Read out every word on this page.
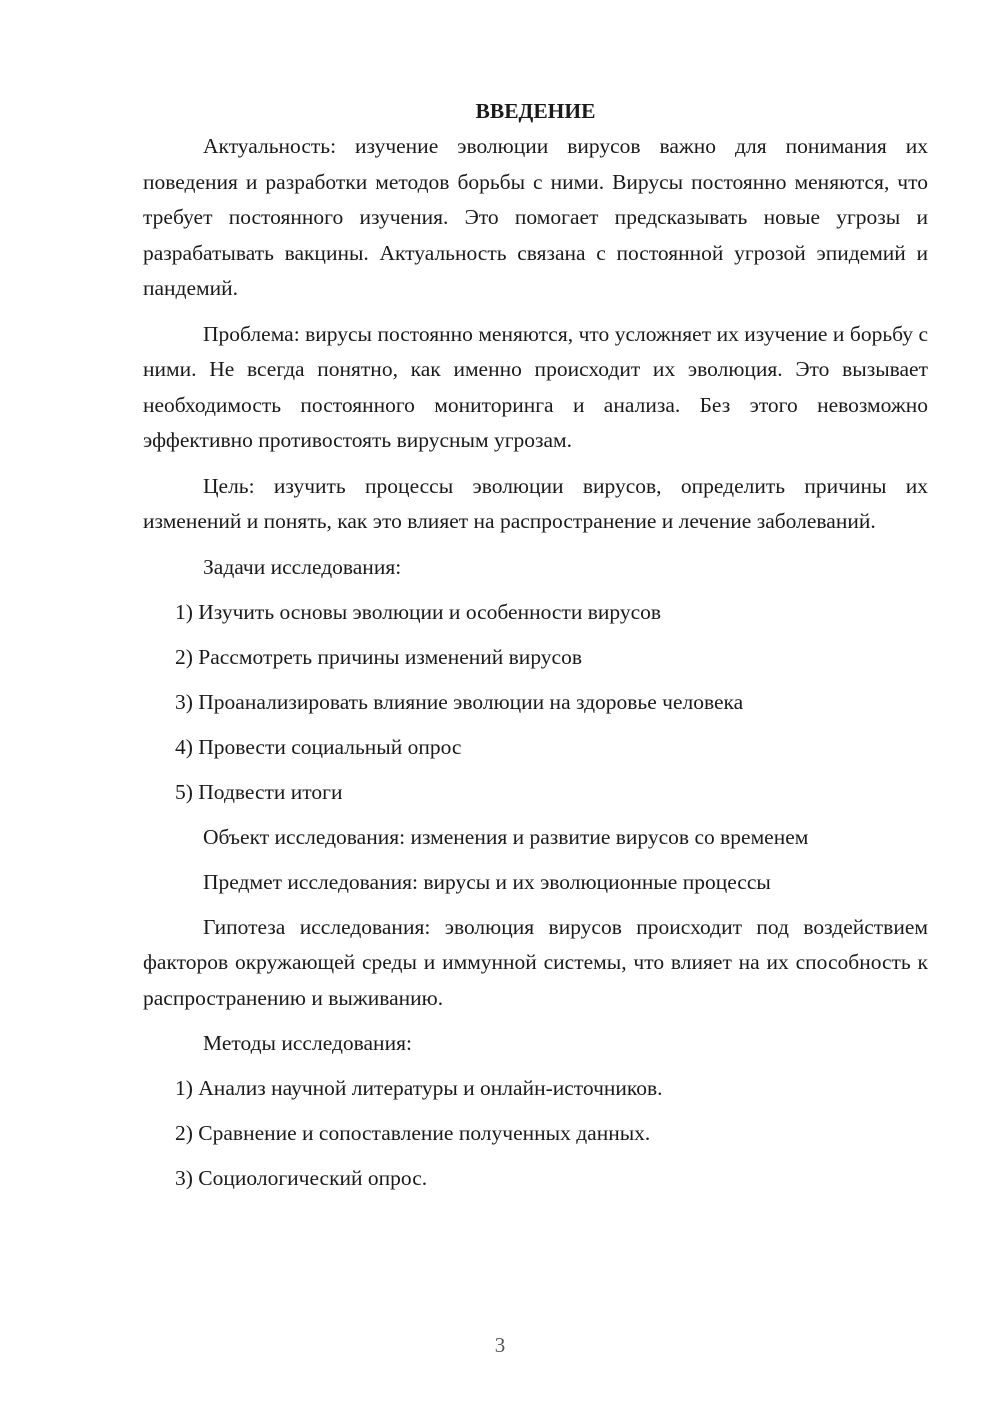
ВВЕДЕНИЕ

Актуальность: изучение эволюции вирусов важно для понимания их поведения и разработки методов борьбы с ними. Вирусы постоянно меняются, что требует постоянного изучения. Это помогает предсказывать новые угрозы и разрабатывать вакцины. Актуальность связана с постоянной угрозой эпидемий и пандемий.

Проблема: вирусы постоянно меняются, что усложняет их изучение и борьбу с ними. Не всегда понятно, как именно происходит их эволюция. Это вызывает необходимость постоянного мониторинга и анализа. Без этого невозможно эффективно противостоять вирусным угрозам.

Цель: изучить процессы эволюции вирусов, определить причины их изменений и понять, как это влияет на распространение и лечение заболеваний.

Задачи исследования:
1) Изучить основы эволюции и особенности вирусов
2) Рассмотреть причины изменений вирусов
3) Проанализировать влияние эволюции на здоровье человека
4) Провести социальный опрос
5) Подвести итоги
Объект исследования: изменения и развитие вирусов со временем
Предмет исследования: вирусы и их эволюционные процессы

Гипотеза исследования: эволюция вирусов происходит под воздействием факторов окружающей среды и иммунной системы, что влияет на их способность к распространению и выживанию.

Методы исследования:
1) Анализ научной литературы и онлайн-источников.
2) Сравнение и сопоставление полученных данных.
3) Социологический опрос.
3
